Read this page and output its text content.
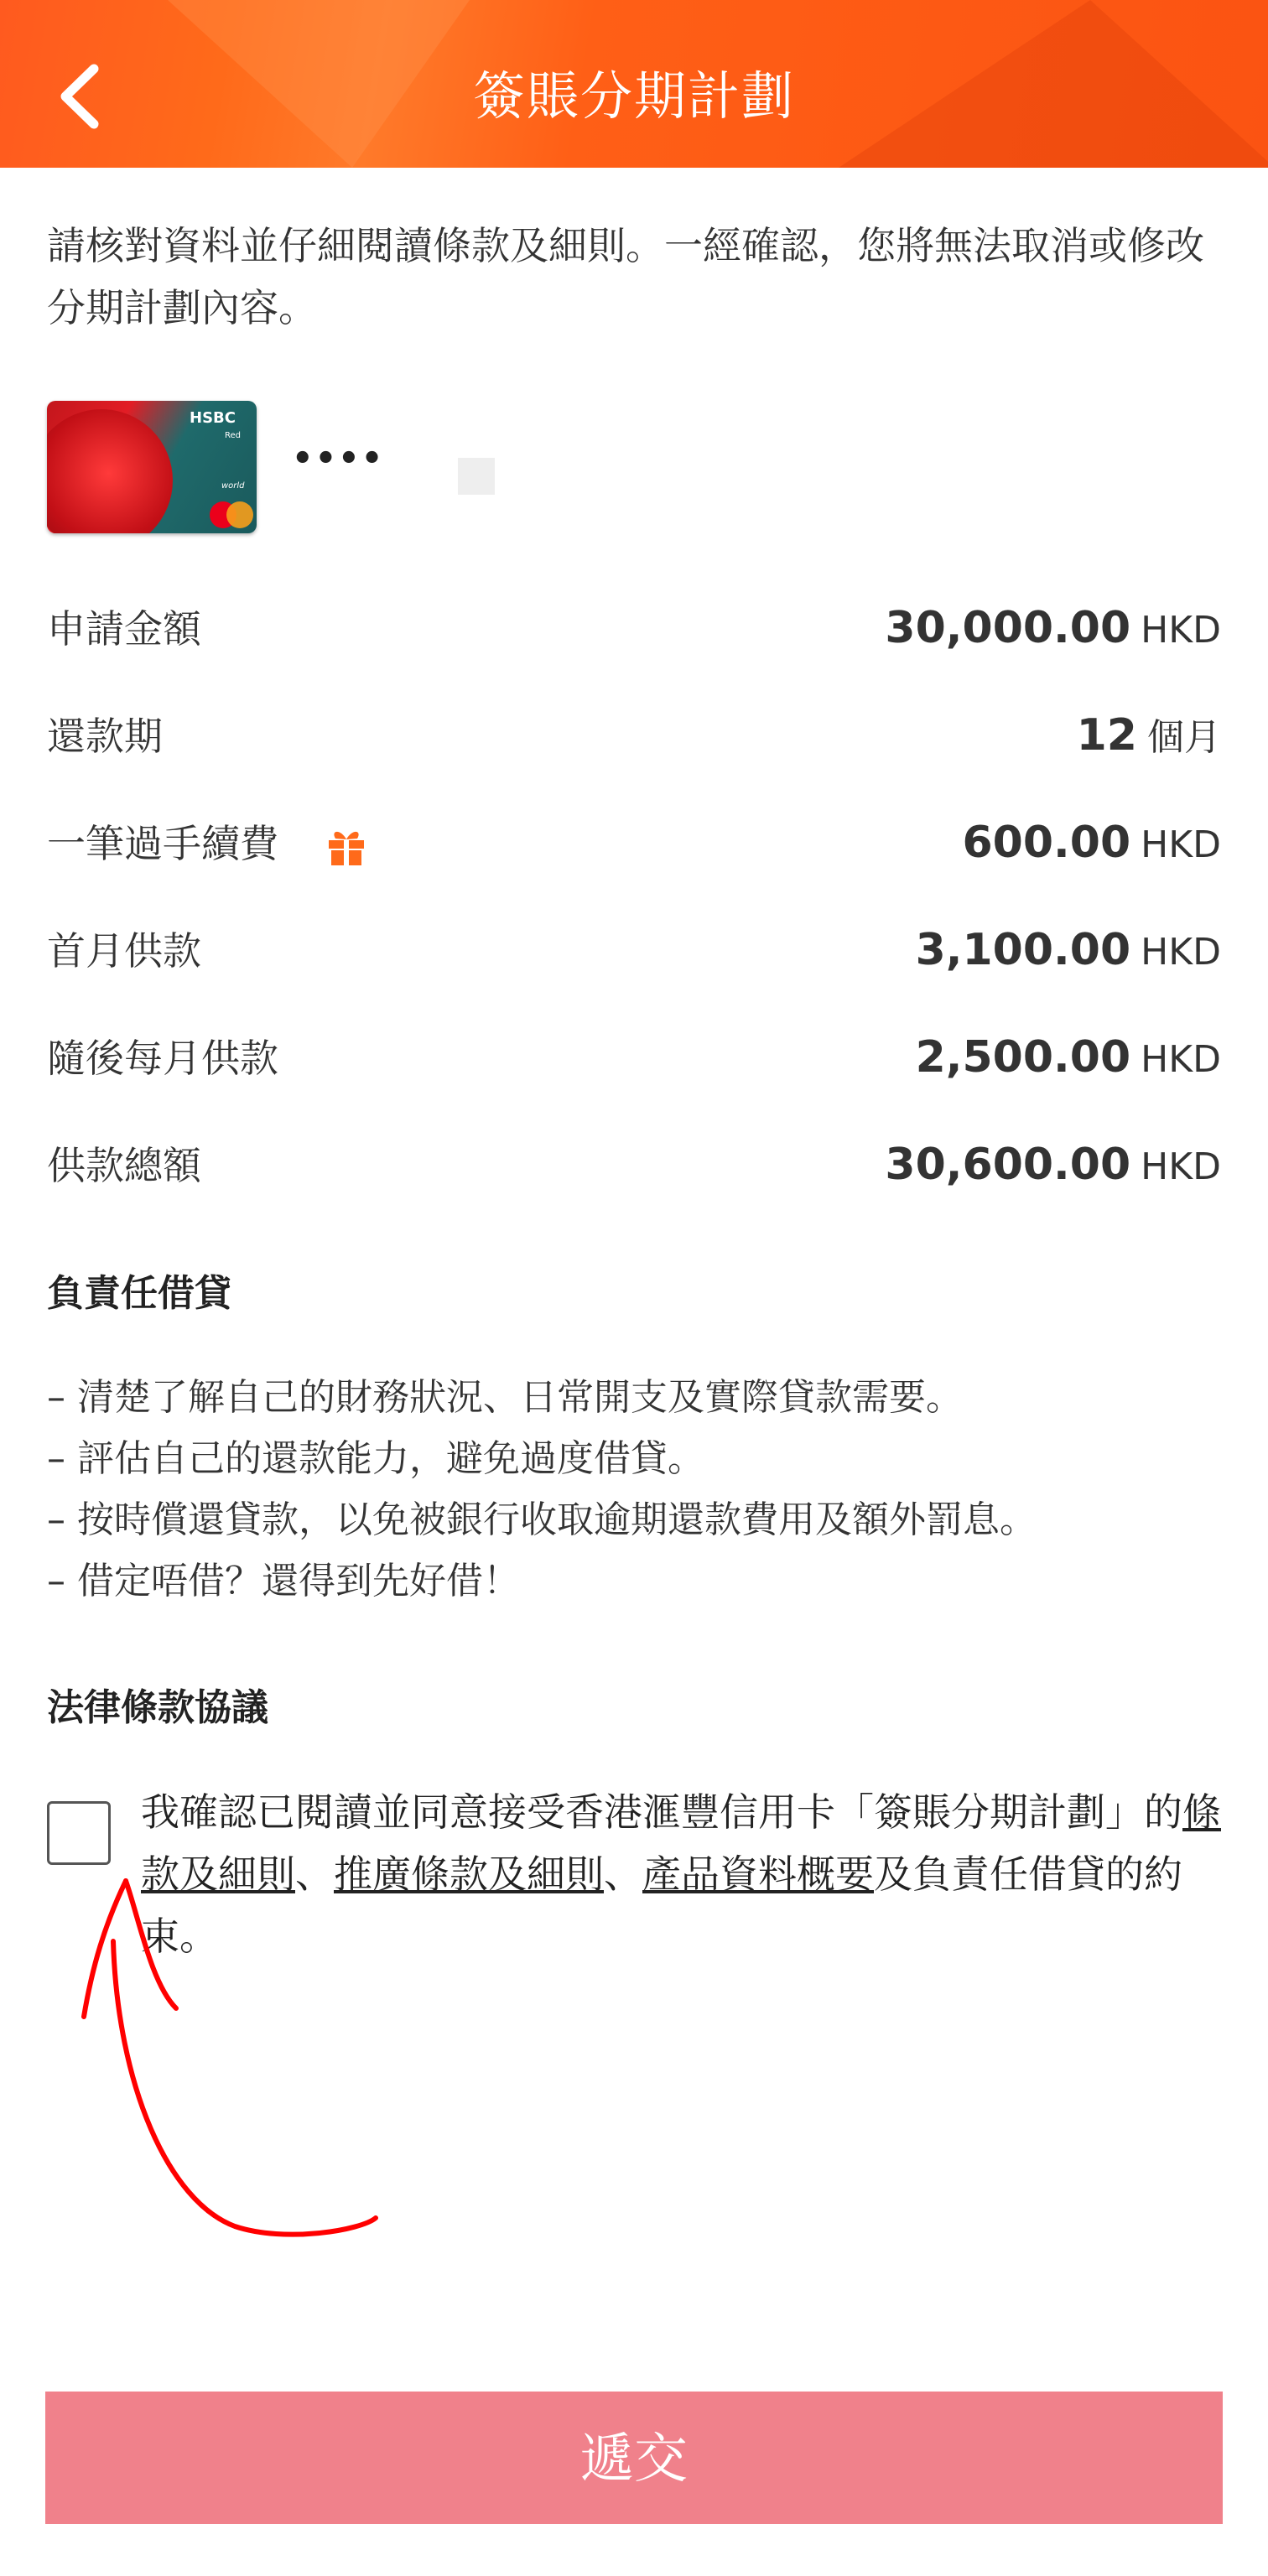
簽賬分期計劃
請核對資料並仔細閱讀條款及細則。一經確認，您將無法取消或修改分期計劃內容。
HSBC
Red
world
••••
申請金額	30,000.00 HKD
還款期	12 個月
一筆過手續費	600.00 HKD
首月供款	3,100.00 HKD
隨後每月供款	2,500.00 HKD
供款總額	30,600.00 HKD
負責任借貸
– 清楚了解自己的財務狀況、日常開支及實際貸款需要。
– 評估自己的還款能力，避免過度借貸。
– 按時償還貸款，以免被銀行收取逾期還款費用及額外罰息。
– 借定唔借？還得到先好借！
法律條款協議
我確認已閱讀並同意接受香港滙豐信用卡「簽賬分期計劃」的條款及細則、推廣條款及細則、產品資料概要及負責任借貸的約束。
遞交
